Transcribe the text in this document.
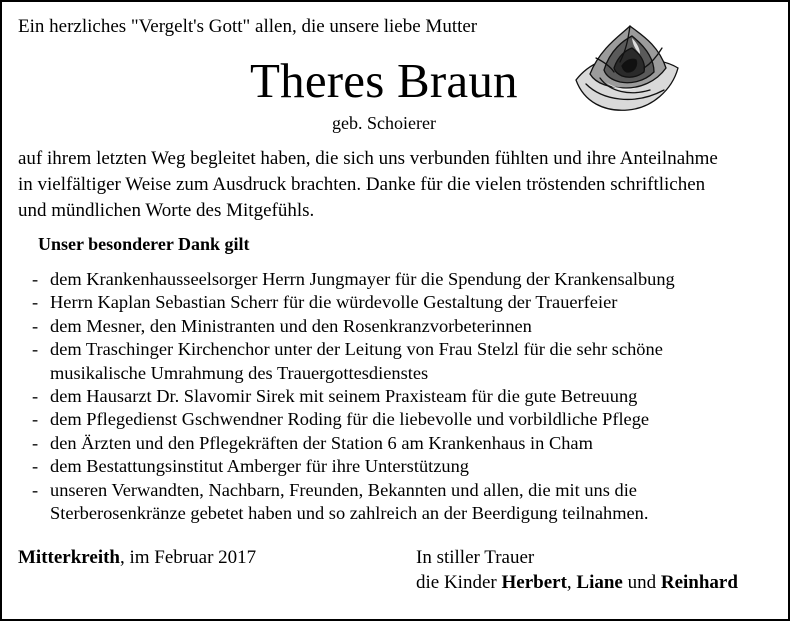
Ein herzliches "Vergelt's Gott" allen, die unsere liebe Mutter
Theres Braun
geb. Schoierer
auf ihrem letzten Weg begleitet haben, die sich uns verbunden fühlten und ihre Anteilnahme
in vielfältiger Weise zum Ausdruck brachten. Danke für die vielen tröstenden schriftlichen
und mündlichen Worte des Mitgefühls.
Unser besonderer Dank gilt
- dem Krankenhausseelsorger Herrn Jungmayer für die Spendung der Krankensalbung
- Herrn Kaplan Sebastian Scherr für die würdevolle Gestaltung der Trauerfeier
- dem Mesner, den Ministranten und den Rosenkranzvorbeterinnen
- dem Traschinger Kirchenchor unter der Leitung von Frau Stelzl für die sehr schöne
musikalische Umrahmung des Trauergottesdienstes
- dem Hausarzt Dr. Slavomir Sirek mit seinem Praxisteam für die gute Betreuung
- dem Pflegedienst Gschwendner Roding für die liebevolle und vorbildliche Pflege
- den Ärzten und den Pflegekräften der Station 6 am Krankenhaus in Cham
- dem Bestattungsinstitut Amberger für ihre Unterstützung
- unseren Verwandten, Nachbarn, Freunden, Bekannten und allen, die mit uns die
Sterberosenkränze gebetet haben und so zahlreich an der Beerdigung teilnahmen.
Mitterkreith, im Februar 2017	In stiller Trauer
die Kinder Herbert, Liane und Reinhard
